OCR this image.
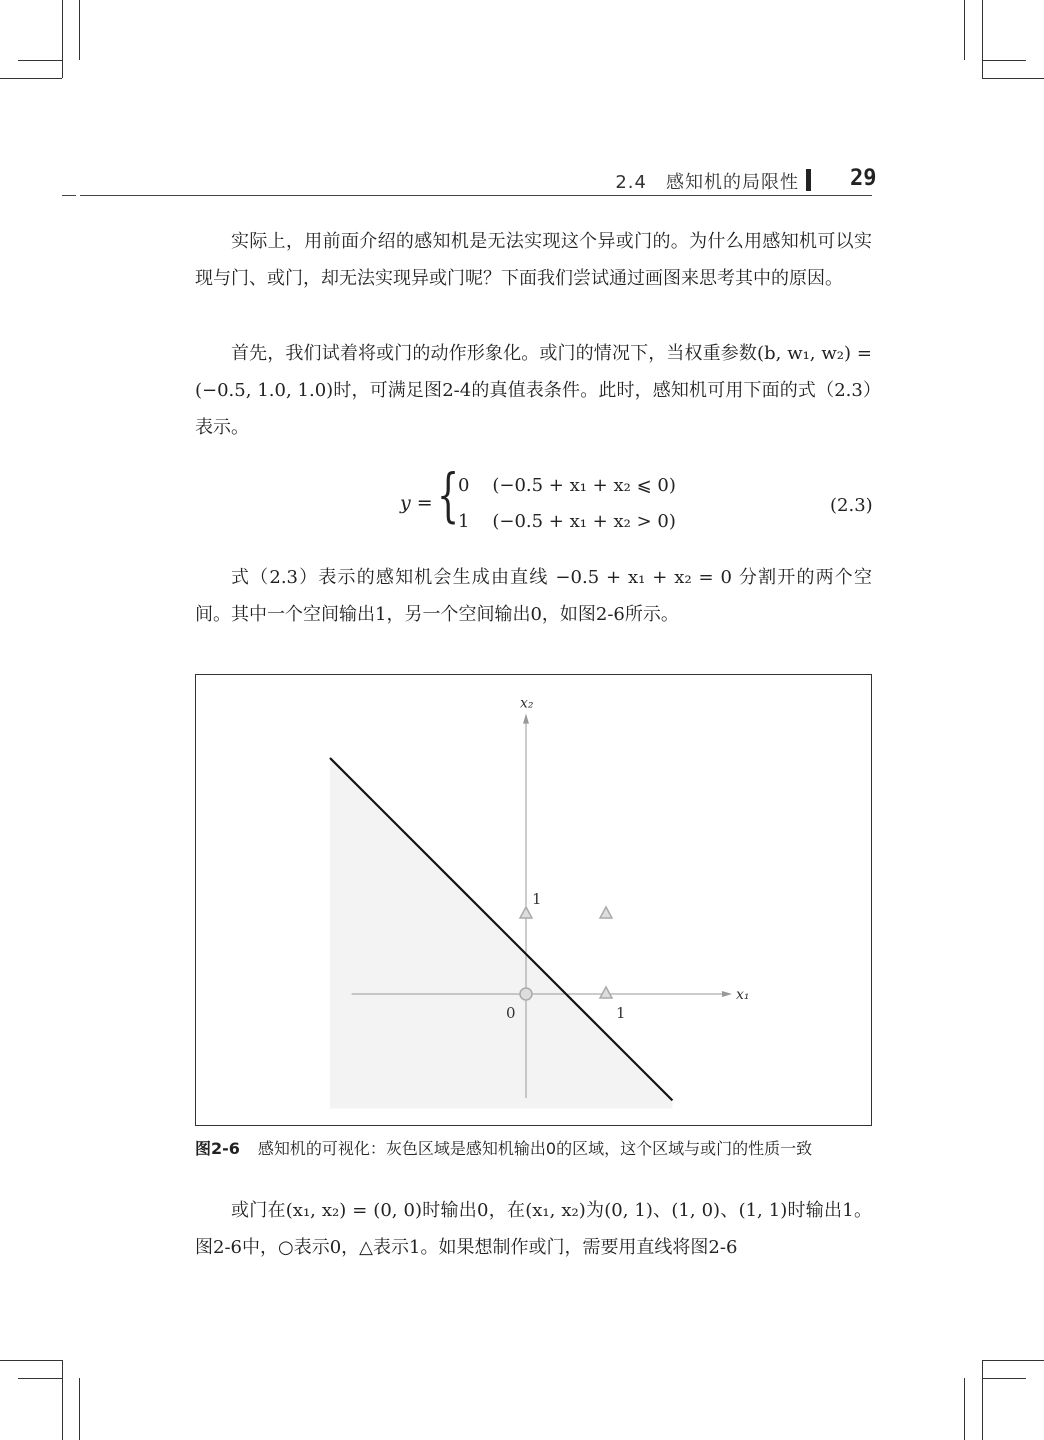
2.4　感知机的局限性 29

实际上，用前面介绍的感知机是无法实现这个异或门的。为什么用感知机可以实现与门、或门，却无法实现异或门呢？下面我们尝试通过画图来思考其中的原因。

首先，我们试着将或门的动作形象化。或门的情况下，当权重参数(b, w₁, w₂) = (−0.5, 1.0, 1.0)时，可满足图2-4的真值表条件。此时，感知机可用下面的式（2.3）表示。

y = {
0    (−0.5 + x₁ + x₂ ⩽ 0)
1    (−0.5 + x₁ + x₂ > 0)
(2.3)

式（2.3）表示的感知机会生成由直线 −0.5 + x₁ + x₂ = 0 分割开的两个空间。其中一个空间输出1，另一个空间输出0，如图2-6所示。

x₁
x₂
0	1
1
图2-6 感知机的可视化：灰色区域是感知机输出0的区域，这个区域与或门的性质一致

或门在(x₁, x₂) = (0, 0)时输出0，在(x₁, x₂)为(0, 1)、(1, 0)、(1, 1)时输出1。图2-6中，○表示0，△表示1。如果想制作或门，需要用直线将图2-6
